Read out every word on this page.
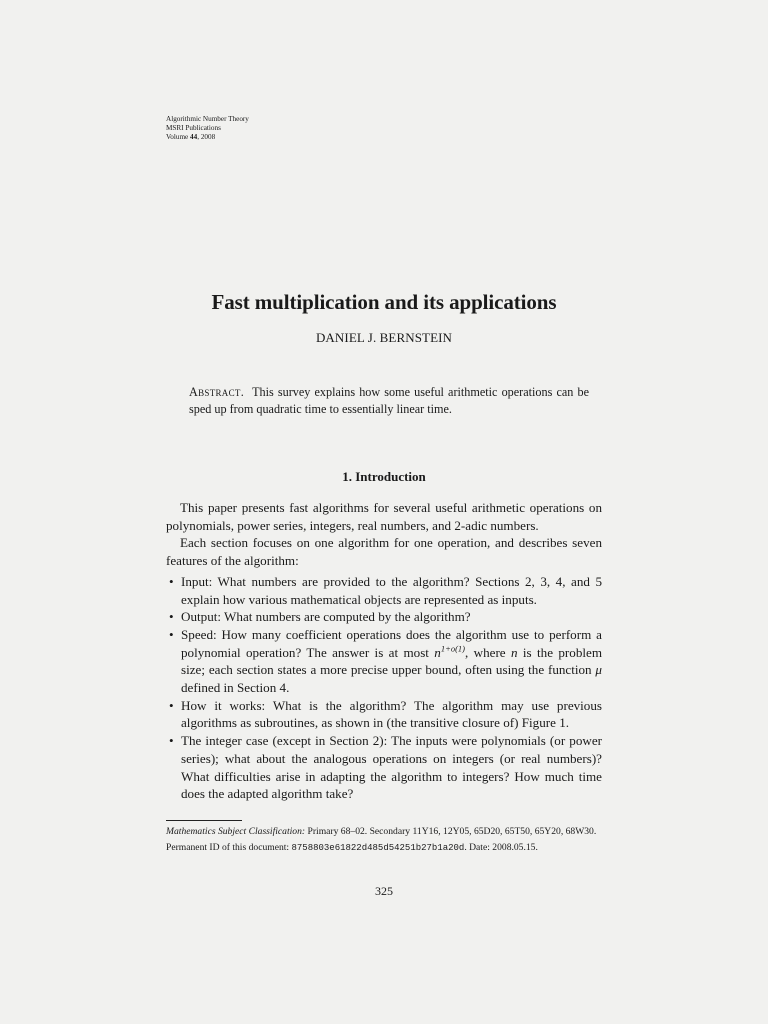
Algorithmic Number Theory
MSRI Publications
Volume 44, 2008
Fast multiplication and its applications
DANIEL J. BERNSTEIN
Abstract. This survey explains how some useful arithmetic operations can be sped up from quadratic time to essentially linear time.
1. Introduction

This paper presents fast algorithms for several useful arithmetic operations on polynomials, power series, integers, real numbers, and 2-adic numbers.

Each section focuses on one algorithm for one operation, and describes seven features of the algorithm:

• Input: What numbers are provided to the algorithm? Sections 2, 3, 4, and 5 explain how various mathematical objects are represented as inputs.
• Output: What numbers are computed by the algorithm?
• Speed: How many coefficient operations does the algorithm use to perform a polynomial operation? The answer is at most $n^{1+o(1)}$, where n is the problem size; each section states a more precise upper bound, often using the function μ defined in Section 4.
• How it works: What is the algorithm? The algorithm may use previous algorithms as subroutines, as shown in (the transitive closure of) Figure 1.
• The integer case (except in Section 2): The inputs were polynomials (or power series); what about the analogous operations on integers (or real numbers)? What difficulties arise in adapting the algorithm to integers? How much time does the adapted algorithm take?

Mathematics Subject Classification: Primary 68–02. Secondary 11Y16, 12Y05, 65D20, 65T50, 65Y20, 68W30.

Permanent ID of this document: 8758803e61822d485d54251b27b1a20d. Date: 2008.05.15.

325
